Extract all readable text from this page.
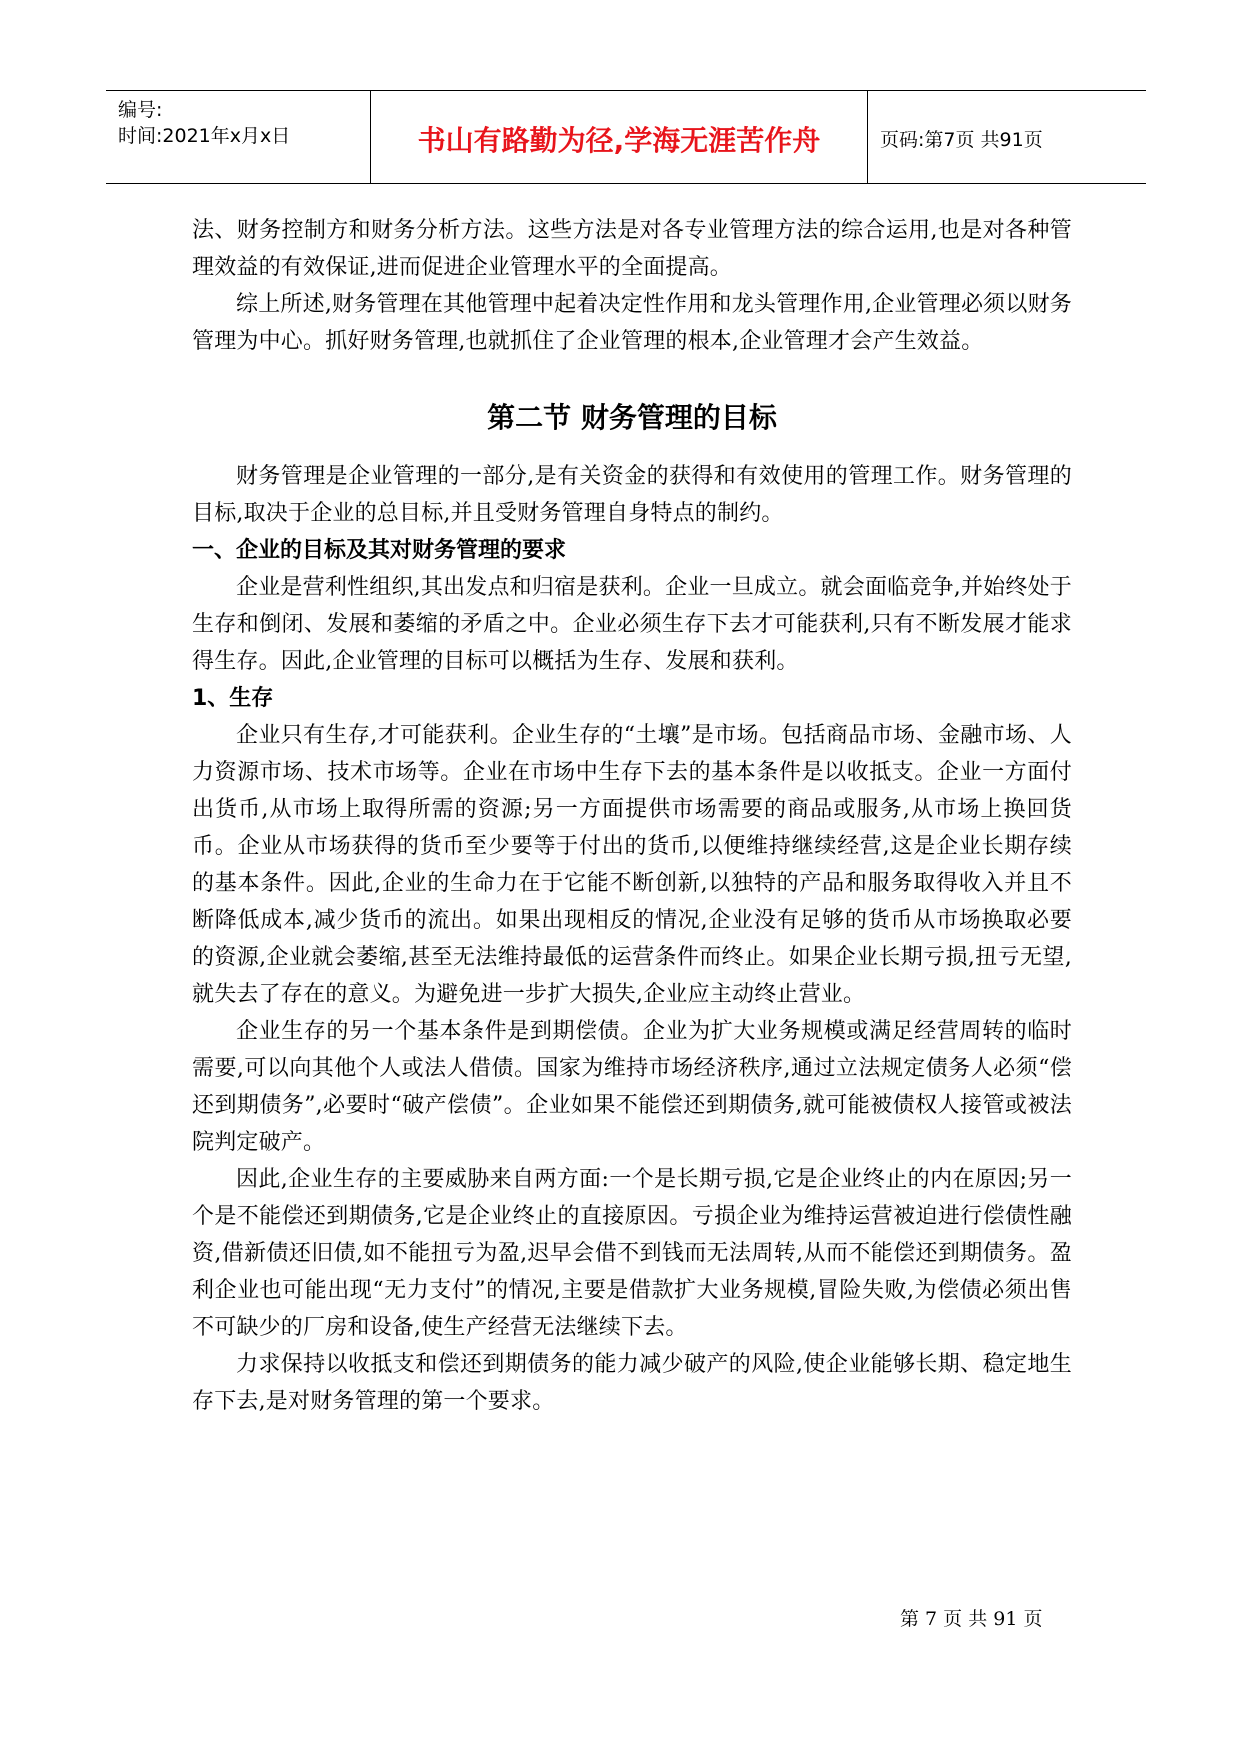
编号:
时间:2021年x月x日	书山有路勤为径,学海无涯苦作舟	页码:第7页 共91页

法、财务控制方和财务分析方法。这些方法是对各专业管理方法的综合运用,也是对各种管理效益的有效保证,进而促进企业管理水平的全面提高。

综上所述,财务管理在其他管理中起着决定性作用和龙头管理作用,企业管理必须以财务管理为中心。抓好财务管理,也就抓住了企业管理的根本,企业管理才会产生效益。

第二节 财务管理的目标

财务管理是企业管理的一部分,是有关资金的获得和有效使用的管理工作。财务管理的目标,取决于企业的总目标,并且受财务管理自身特点的制约。

一、企业的目标及其对财务管理的要求

企业是营利性组织,其出发点和归宿是获利。企业一旦成立。就会面临竞争,并始终处于生存和倒闭、发展和萎缩的矛盾之中。企业必须生存下去才可能获利,只有不断发展才能求得生存。因此,企业管理的目标可以概括为生存、发展和获利。

1、生存

企业只有生存,才可能获利。企业生存的“土壤”是市场。包括商品市场、金融市场、人力资源市场、技术市场等。企业在市场中生存下去的基本条件是以收抵支。企业一方面付出货币,从市场上取得所需的资源;另一方面提供市场需要的商品或服务,从市场上换回货币。企业从市场获得的货币至少要等于付出的货币,以便维持继续经营,这是企业长期存续的基本条件。因此,企业的生命力在于它能不断创新,以独特的产品和服务取得收入并且不断降低成本,减少货币的流出。如果出现相反的情况,企业没有足够的货币从市场换取必要的资源,企业就会萎缩,甚至无法维持最低的运营条件而终止。如果企业长期亏损,扭亏无望,就失去了存在的意义。为避免进一步扩大损失,企业应主动终止营业。

企业生存的另一个基本条件是到期偿债。企业为扩大业务规模或满足经营周转的临时需要,可以向其他个人或法人借债。国家为维持市场经济秩序,通过立法规定债务人必须“偿还到期债务”,必要时“破产偿债”。企业如果不能偿还到期债务,就可能被债权人接管或被法院判定破产。

因此,企业生存的主要威胁来自两方面:一个是长期亏损,它是企业终止的内在原因;另一个是不能偿还到期债务,它是企业终止的直接原因。亏损企业为维持运营被迫进行偿债性融资,借新债还旧债,如不能扭亏为盈,迟早会借不到钱而无法周转,从而不能偿还到期债务。盈利企业也可能出现“无力支付”的情况,主要是借款扩大业务规模,冒险失败,为偿债必须出售不可缺少的厂房和设备,使生产经营无法继续下去。

力求保持以收抵支和偿还到期债务的能力减少破产的风险,使企业能够长期、稳定地生存下去,是对财务管理的第一个要求。

第 7 页 共 91 页
